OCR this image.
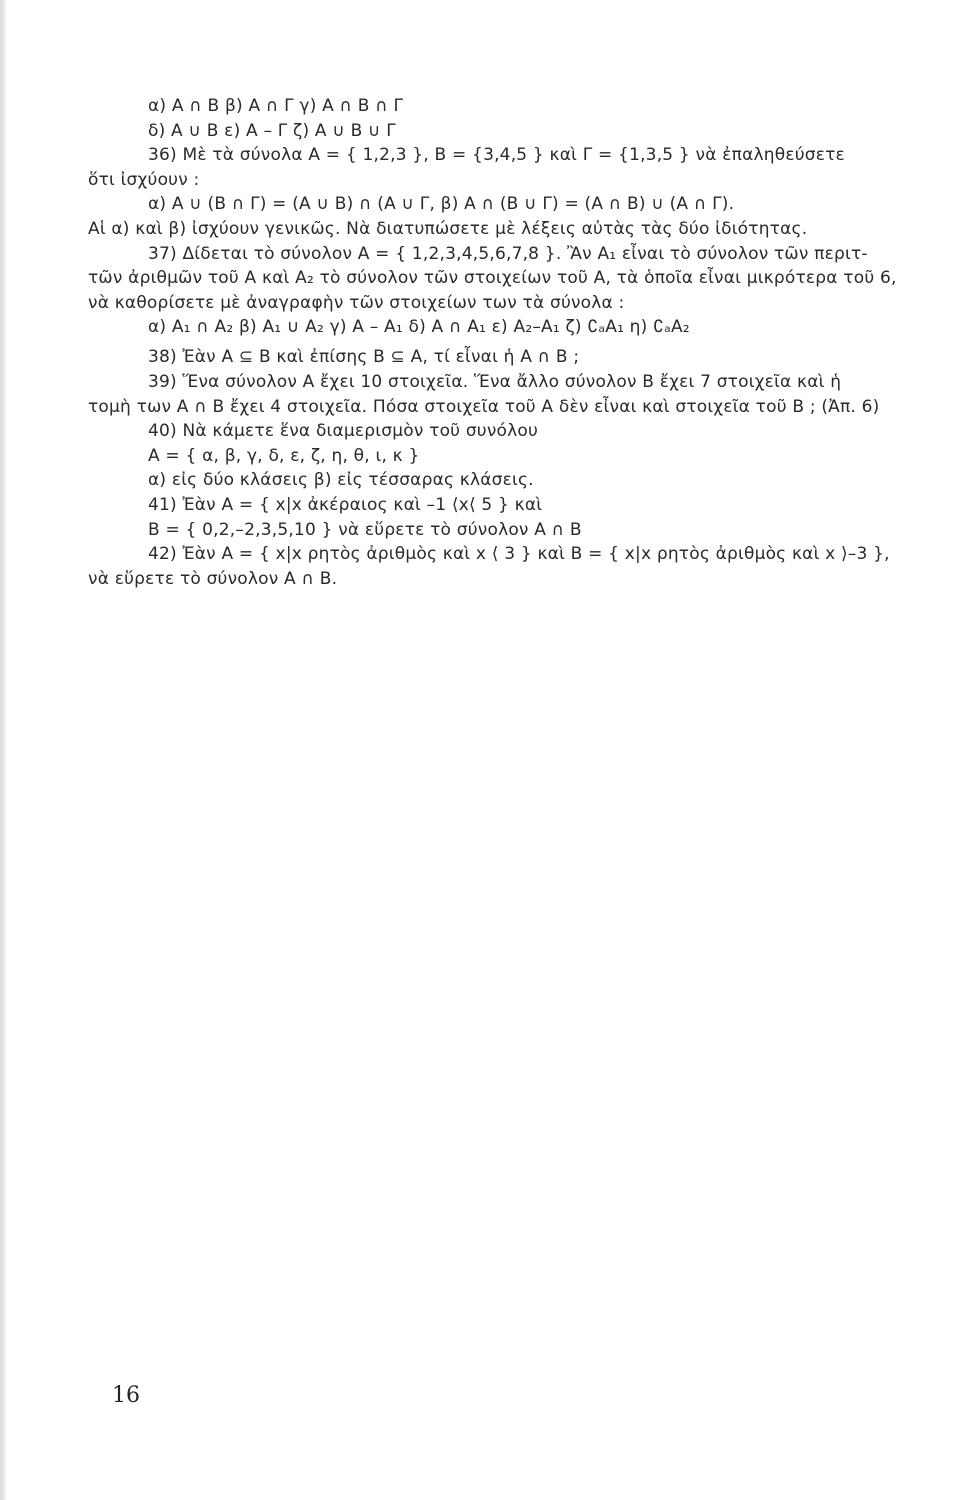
α) Α ∩ Β β) Α ∩ Γ γ) Α ∩ Β ∩ Γ
δ) Α ∪ Β ε) Α – Γ ζ) Α ∪ Β ∪ Γ
36) Μὲ τὰ σύνολα Α = { 1,2,3 }, Β = {3,4,5 } καὶ Γ = {1,3,5 } νὰ ἐπαληθεύσετε
ὅτι ἰσχύουν :
α) Α ∪ (Β ∩ Γ) = (Α ∪ Β) ∩ (Α ∪ Γ, β) Α ∩ (Β ∪ Γ) = (Α ∩ Β) ∪ (Α ∩ Γ).
Αἱ α) καὶ β) ἰσχύουν γενικῶς. Νὰ διατυπώσετε μὲ λέξεις αὐτὰς τὰς δύο ἰδιότητας.
37) Δίδεται τὸ σύνολον Α = { 1,2,3,4,5,6,7,8 }. Ἂν Α₁ εἶναι τὸ σύνολον τῶν περιτ-
τῶν ἀριθμῶν τοῦ Α καὶ Α₂ τὸ σύνολον τῶν στοιχείων τοῦ Α, τὰ ὁποῖα εἶναι μικρότερα τοῦ 6,
νὰ καθορίσετε μὲ ἀναγραφὴν τῶν στοιχείων των τὰ σύνολα :
α) Α₁ ∩ Α₂ β) Α₁ ∪ Α₂ γ) Α – Α₁ δ) Α ∩ Α₁ ε) Α₂–Α₁ ζ) ∁ₐΑ₁ η) ∁ₐΑ₂
38) Ἐὰν Α ⊆ Β καὶ ἐπίσης Β ⊆ Α, τί εἶναι ἡ Α ∩ Β ;
39) Ἕνα σύνολον Α ἔχει 10 στοιχεῖα. Ἕνα ἄλλο σύνολον Β ἔχει 7 στοιχεῖα καὶ ἡ
τομὴ των Α ∩ Β ἔχει 4 στοιχεῖα. Πόσα στοιχεῖα τοῦ Α δὲν εἶναι καὶ στοιχεῖα τοῦ Β ; (Ἀπ. 6)
40) Νὰ κάμετε ἕνα διαμερισμὸν τοῦ συνόλου
Α = { α, β, γ, δ, ε, ζ, η, θ, ι, κ }
α) εἰς δύο κλάσεις β) εἰς τέσσαρας κλάσεις.
41) Ἐὰν Α = { x|x ἀκέραιος καὶ –1 ⟨x⟨ 5 } καὶ
Β = { 0,2,–2,3,5,10 } νὰ εὕρετε τὸ σύνολον Α ∩ Β
42) Ἐὰν Α = { x|x ρητὸς ἀριθμὸς καὶ x ⟨ 3 } καὶ Β = { x|x ρητὸς ἀριθμὸς καὶ x ⟩–3 },
νὰ εὕρετε τὸ σύνολον Α ∩ Β.
16
